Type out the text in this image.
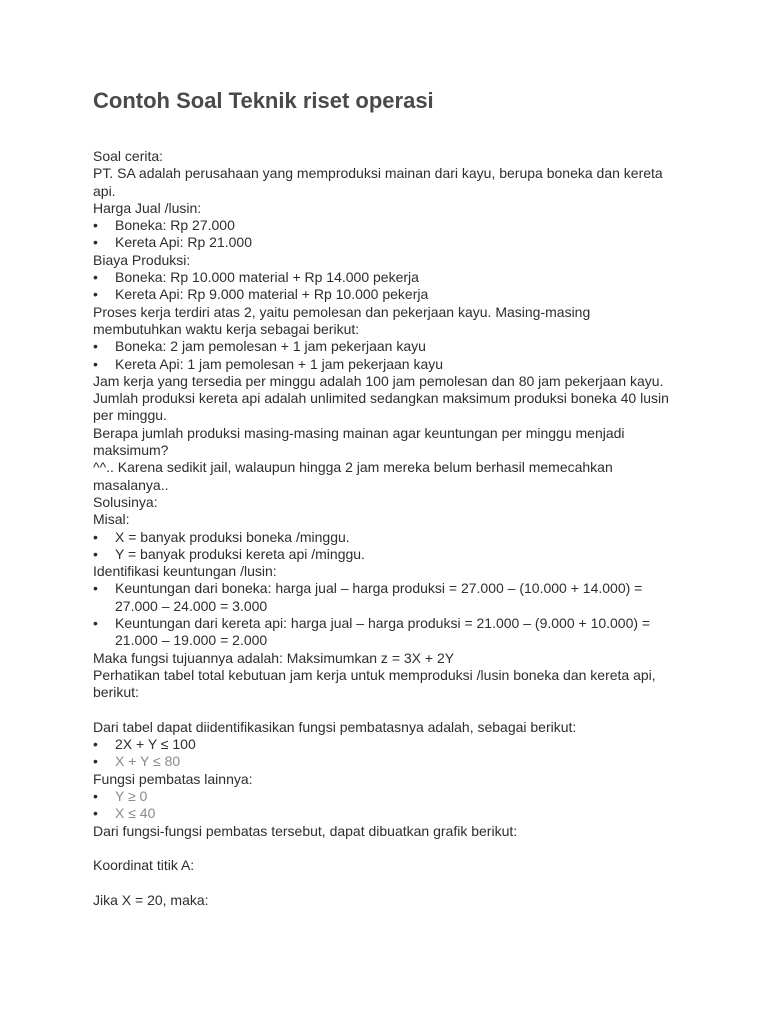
Contoh Soal Teknik riset operasi
Soal cerita:
PT. SA adalah perusahaan yang memproduksi mainan dari kayu, berupa boneka dan kereta api.
Harga Jual /lusin:
• Boneka: Rp 27.000
• Kereta Api: Rp 21.000
Biaya Produksi:
• Boneka: Rp 10.000 material + Rp 14.000 pekerja
• Kereta Api: Rp 9.000 material + Rp 10.000 pekerja
Proses kerja terdiri atas 2, yaitu pemolesan dan pekerjaan kayu. Masing-masing membutuhkan waktu kerja sebagai berikut:
• Boneka: 2 jam pemolesan + 1 jam pekerjaan kayu
• Kereta Api: 1 jam pemolesan + 1 jam pekerjaan kayu
Jam kerja yang tersedia per minggu adalah 100 jam pemolesan dan 80 jam pekerjaan kayu.
Jumlah produksi kereta api adalah unlimited sedangkan maksimum produksi boneka 40 lusin per minggu.
Berapa jumlah produksi masing-masing mainan agar keuntungan per minggu menjadi maksimum?
^^.. Karena sedikit jail, walaupun hingga 2 jam mereka belum berhasil memecahkan masalanya..
Solusinya:
Misal:
• X = banyak produksi boneka /minggu.
• Y = banyak produksi kereta api /minggu.
Identifikasi keuntungan /lusin:
• Keuntungan dari boneka: harga jual – harga produksi = 27.000 – (10.000 + 14.000) = 27.000 – 24.000 = 3.000
• Keuntungan dari kereta api: harga jual – harga produksi = 21.000 – (9.000 + 10.000) = 21.000 – 19.000 = 2.000
Maka fungsi tujuannya adalah: Maksimumkan z = 3X + 2Y
Perhatikan tabel total kebutuan jam kerja untuk memproduksi /lusin boneka dan kereta api, berikut:
Dari tabel dapat diidentifikasikan fungsi pembatasnya adalah, sebagai berikut:
• 2X + Y ≤ 100
• X + Y ≤ 80
Fungsi pembatas lainnya:
• Y ≥ 0
• X ≤ 40
Dari fungsi-fungsi pembatas tersebut, dapat dibuatkan grafik berikut:
Koordinat titik A:
Jika X = 20, maka:
